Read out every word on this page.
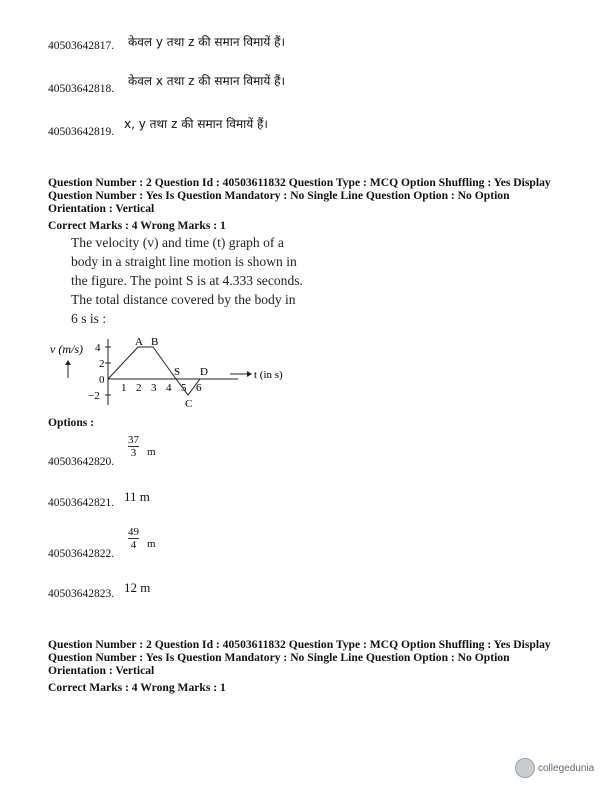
40503642817. केवल y तथा z की समान विमायें हैं।
40503642818.
केवल x तथा z की समान विमायें हैं।
40503642819.
x, y तथा z की समान विमायें हैं।
Question Number : 2 Question Id : 40503611832 Question Type : MCQ Option Shuffling : Yes Display
Question Number : Yes Is Question Mandatory : No Single Line Question Option : No Option
Orientation : Vertical
Correct Marks : 4 Wrong Marks : 1
The velocity (v) and time (t) graph of a
body in a straight line motion is shown in
the figure. The point S is at 4.333 seconds.
The total distance covered by the body in
6 s is :
v (m/s) 4
2
0
−2
1 2 3 4 5 6
A B
S D
C
t (in s)
Options :
40503642820.
$\frac{37}{3}$ m
40503642821. 11 m
40503642822.
$\frac{49}{4}$ m
40503642823. 12 m
Question Number : 2 Question Id : 40503611832 Question Type : MCQ Option Shuffling : Yes Display
Question Number : Yes Is Question Mandatory : No Single Line Question Option : No Option
Orientation : Vertical
Correct Marks : 4 Wrong Marks : 1
collegedunia
